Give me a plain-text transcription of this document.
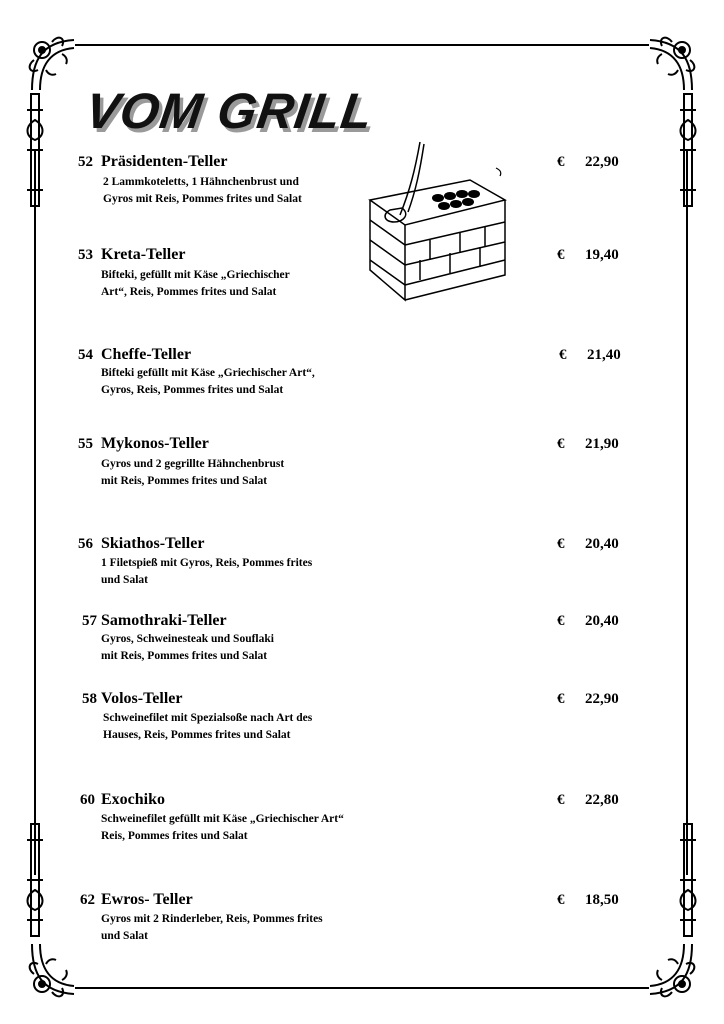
VOM GRILL
52 Präsidenten-Teller
2 Lammkoteletts, 1 Hähnchenbrust und
Gyros mit Reis, Pommes frites und Salat
€ 22,90
53 Kreta-Teller
Bifteki, gefüllt mit Käse „Griechischer
Art“, Reis, Pommes frites und Salat
€ 19,40
54 Cheffe-Teller
Bifteki gefüllt mit Käse „Griechischer Art“,
Gyros, Reis, Pommes frites und Salat
€ 21,40
55 Mykonos-Teller
Gyros und 2 gegrillte Hähnchenbrust
mit Reis, Pommes frites und Salat
€ 21,90
56 Skiathos-Teller
1 Filetspieß mit Gyros, Reis, Pommes frites
und Salat
€ 20,40
57 Samothraki-Teller
Gyros, Schweinesteak und Souflaki
mit Reis, Pommes frites und Salat
€ 20,40
58 Volos-Teller
Schweinefilet mit Spezialsoße nach Art des
Hauses, Reis, Pommes frites und Salat
€ 22,90
60 Exochiko
Schweinefilet gefüllt mit Käse „Griechischer Art“
Reis, Pommes frites und Salat
€ 22,80
62 Ewros- Teller
Gyros mit 2 Rinderleber, Reis, Pommes frites
und Salat
€ 18,50
